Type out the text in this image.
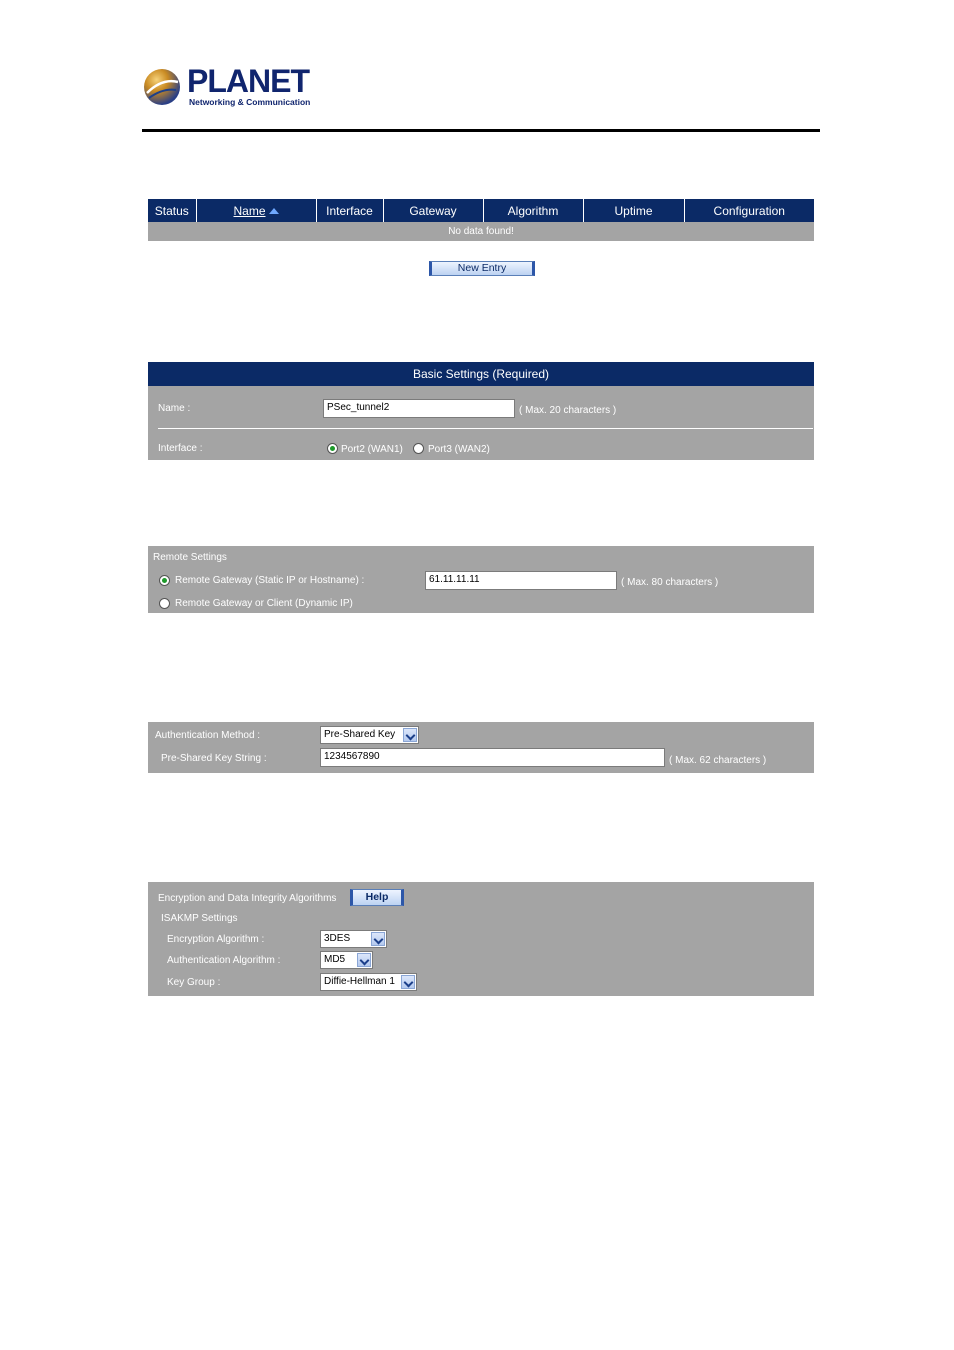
PLANET
Networking & Communication
Status	Name	Interface	Gateway	Algorithm	Uptime	Configuration
No data found!
New Entry
Basic Settings (Required)
Name :	PSec_tunnel2	( Max. 20 characters )
Interface :	Port2 (WAN1)	Port3 (WAN2)
Remote Settings
Remote Gateway (Static IP or Hostname) :	61.11.11.11	( Max. 80 characters )
Remote Gateway or Client (Dynamic IP)
Authentication Method :	Pre-Shared Key
Pre-Shared Key String :	1234567890	( Max. 62 characters )
Encryption and Data Integrity Algorithms	Help
ISAKMP Settings
Encryption Algorithm :	3DES
Authentication Algorithm :	MD5
Key Group :	Diffie-Hellman 1
